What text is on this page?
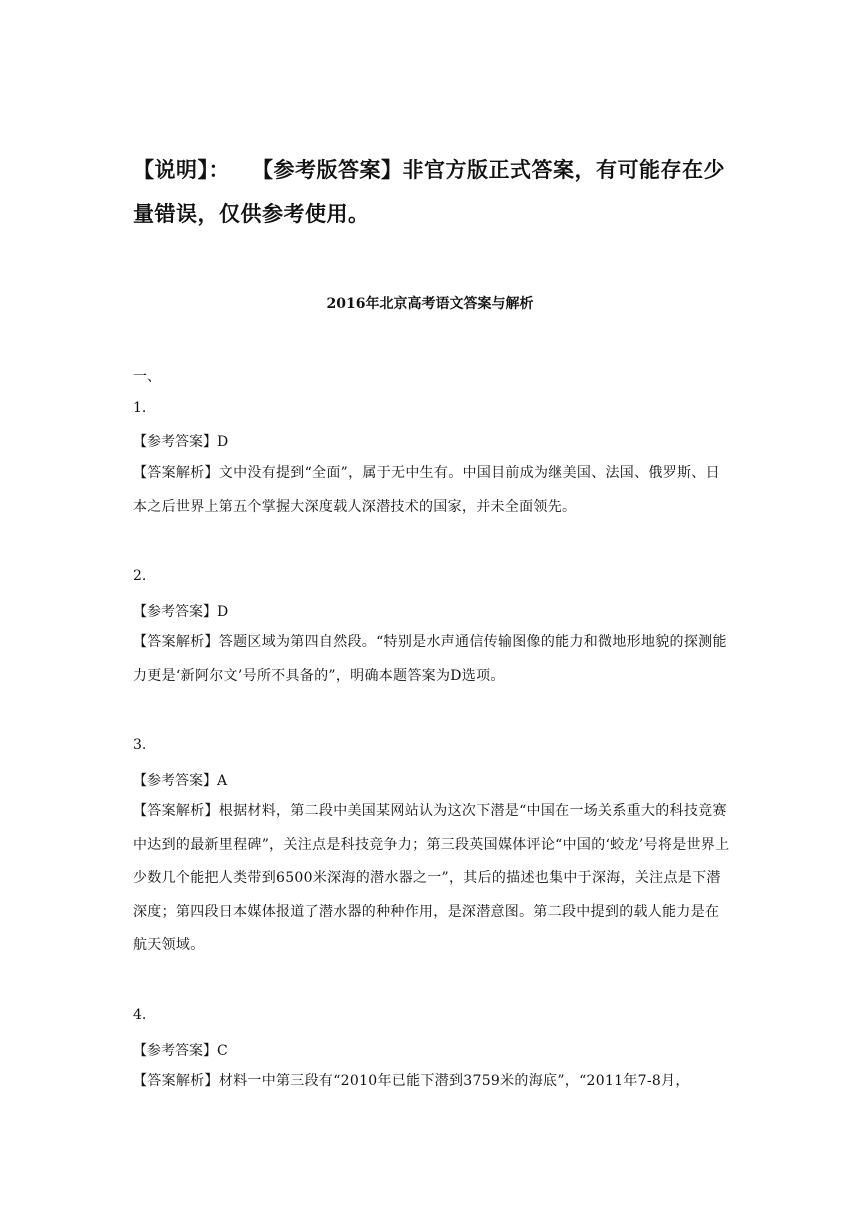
【说明】： 【参考版答案】非官方版正式答案，有可能存在少量错误，仅供参考使用。
2016年北京高考语文答案与解析
一、
1.
【参考答案】D
【答案解析】文中没有提到“全面”，属于无中生有。中国目前成为继美国、法国、俄罗斯、日本之后世界上第五个掌握大深度载人深潜技术的国家，并未全面领先。
2.
【参考答案】D
【答案解析】答题区域为第四自然段。“特别是水声通信传输图像的能力和微地形地貌的探测能力更是‘新阿尔文’号所不具备的”，明确本题答案为D选项。
3.
【参考答案】A
【答案解析】根据材料，第二段中美国某网站认为这次下潜是“中国在一场关系重大的科技竞赛中达到的最新里程碑”，关注点是科技竞争力；第三段英国媒体评论“中国的‘蛟龙’号将是世界上少数几个能把人类带到6500米深海的潜水器之一”，其后的描述也集中于深海，关注点是下潜深度；第四段日本媒体报道了潜水器的种种作用，是深潜意图。第二段中提到的载人能力是在航天领域。
4.
【参考答案】C
【答案解析】材料一中第三段有“2010年已能下潜到3759米的海底”，“2011年7-8月，
